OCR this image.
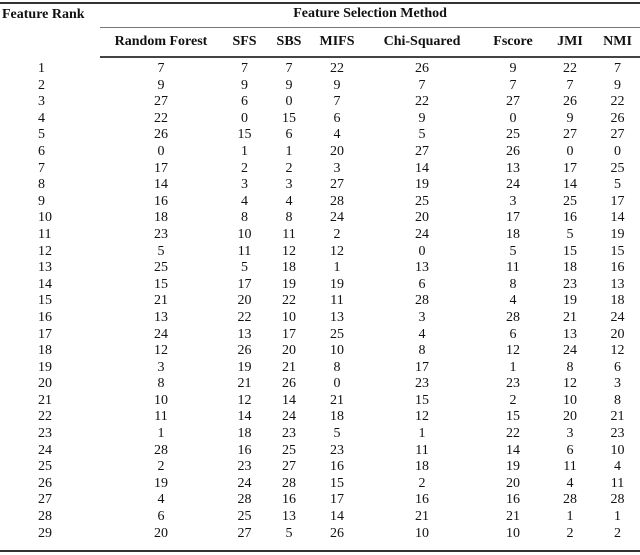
Feature Rank	Feature Selection Method							
	Random Forest	SFS	SBS	MIFS	Chi-Squared	Fscore	JMI	NMI
1	7	7	7	22	26	9	22	7
2	9	9	9	9	7	7	7	9
3	27	6	0	7	22	27	26	22
4	22	0	15	6	9	0	9	26
5	26	15	6	4	5	25	27	27
6	0	1	1	20	27	26	0	0
7	17	2	2	3	14	13	17	25
8	14	3	3	27	19	24	14	5
9	16	4	4	28	25	3	25	17
10	18	8	8	24	20	17	16	14
11	23	10	11	2	24	18	5	19
12	5	11	12	12	0	5	15	15
13	25	5	18	1	13	11	18	16
14	15	17	19	19	6	8	23	13
15	21	20	22	11	28	4	19	18
16	13	22	10	13	3	28	21	24
17	24	13	17	25	4	6	13	20
18	12	26	20	10	8	12	24	12
19	3	19	21	8	17	1	8	6
20	8	21	26	0	23	23	12	3
21	10	12	14	21	15	2	10	8
22	11	14	24	18	12	15	20	21
23	1	18	23	5	1	22	3	23
24	28	16	25	23	11	14	6	10
25	2	23	27	16	18	19	11	4
26	19	24	28	15	2	20	4	11
27	4	28	16	17	16	16	28	28
28	6	25	13	14	21	21	1	1
29	20	27	5	26	10	10	2	2
